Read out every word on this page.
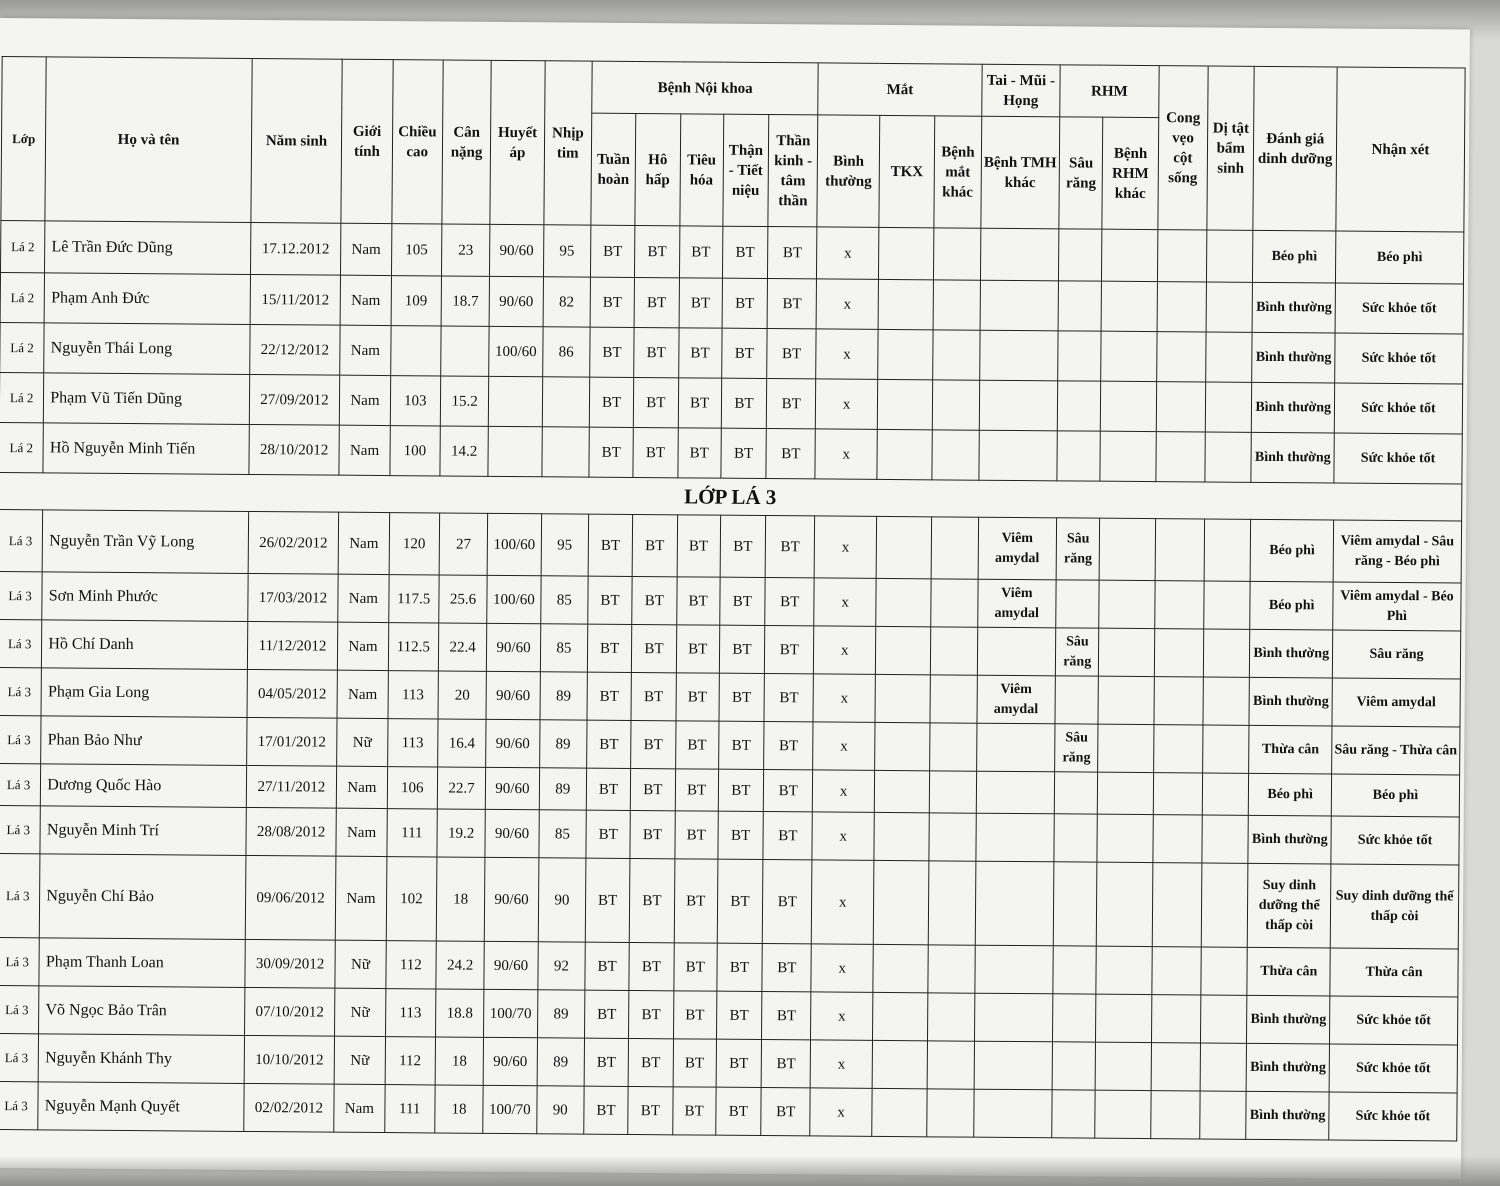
Lớp	Họ và tên	Năm sinh	Giới tính	Chiều cao	Cân nặng	Huyết áp	Nhịp tim	Bệnh Nội khoa					Mắt			Tai - Mũi - Họng	RHM		Cong vẹo cột sống	Dị tật bẩm sinh	Đánh giá dinh dưỡng	Nhận xét
								Tuần hoàn	Hô hấp	Tiêu hóa	Thận - Tiết niệu	Thần kinh - tâm thần	Bình thường	TKX	Bệnh mắt khác	Bệnh TMH khác	Sâu răng	Bệnh RHM khác				
Lá 2	Lê Trần Đức Dũng	17.12.2012	Nam	105	23	90/60	95	BT	BT	BT	BT	BT	x								Béo phì	Béo phì
Lá 2	Phạm Anh Đức	15/11/2012	Nam	109	18.7	90/60	82	BT	BT	BT	BT	BT	x								Bình thường	Sức khỏe tốt
Lá 2	Nguyễn Thái Long	22/12/2012	Nam			100/60	86	BT	BT	BT	BT	BT	x								Bình thường	Sức khỏe tốt
Lá 2	Phạm Vũ Tiến Dũng	27/09/2012	Nam	103	15.2			BT	BT	BT	BT	BT	x								Bình thường	Sức khỏe tốt
Lá 2	Hồ Nguyễn Minh Tiến	28/10/2012	Nam	100	14.2			BT	BT	BT	BT	BT	x								Bình thường	Sức khỏe tốt
LỚP LÁ 3																						
Lá 3	Nguyễn Trần Vỹ Long	26/02/2012	Nam	120	27	100/60	95	BT	BT	BT	BT	BT	x			Viêm amydal	Sâu răng				Béo phì	Viêm amydal - Sâu răng - Béo phì
Lá 3	Sơn Minh Phước	17/03/2012	Nam	117.5	25.6	100/60	85	BT	BT	BT	BT	BT	x			Viêm amydal					Béo phì	Viêm amydal - Béo Phì
Lá 3	Hồ Chí Danh	11/12/2012	Nam	112.5	22.4	90/60	85	BT	BT	BT	BT	BT	x				Sâu răng				Bình thường	Sâu răng
Lá 3	Phạm Gia Long	04/05/2012	Nam	113	20	90/60	89	BT	BT	BT	BT	BT	x			Viêm amydal					Bình thường	Viêm amydal
Lá 3	Phan Bảo Như	17/01/2012	Nữ	113	16.4	90/60	89	BT	BT	BT	BT	BT	x				Sâu răng				Thừa cân	Sâu răng - Thừa cân
Lá 3	Dương Quốc Hào	27/11/2012	Nam	106	22.7	90/60	89	BT	BT	BT	BT	BT	x								Béo phì	Béo phì
Lá 3	Nguyễn Minh Trí	28/08/2012	Nam	111	19.2	90/60	85	BT	BT	BT	BT	BT	x								Bình thường	Sức khỏe tốt
Lá 3	Nguyễn Chí Bảo	09/06/2012	Nam	102	18	90/60	90	BT	BT	BT	BT	BT	x								Suy dinh dưỡng thể thấp còi	Suy dinh dưỡng thể thấp còi
Lá 3	Phạm Thanh Loan	30/09/2012	Nữ	112	24.2	90/60	92	BT	BT	BT	BT	BT	x								Thừa cân	Thừa cân
Lá 3	Võ Ngọc Bảo Trân	07/10/2012	Nữ	113	18.8	100/70	89	BT	BT	BT	BT	BT	x								Bình thường	Sức khỏe tốt
Lá 3	Nguyễn Khánh Thy	10/10/2012	Nữ	112	18	90/60	89	BT	BT	BT	BT	BT	x								Bình thường	Sức khỏe tốt
Lá 3	Nguyễn Mạnh Quyết	02/02/2012	Nam	111	18	100/70	90	BT	BT	BT	BT	BT	x								Bình thường	Sức khỏe tốt
